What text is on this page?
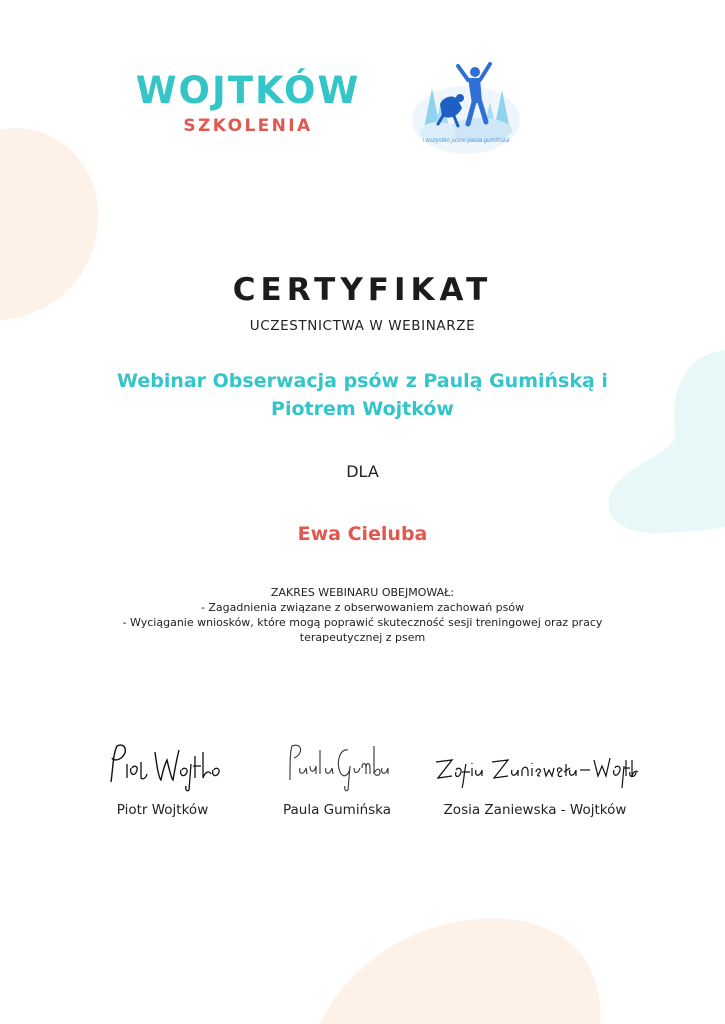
WOJTKÓW
SZKOLENIA
i wszystko jasne paula gumińska
CERTYFIKAT
UCZESTNICTWA W WEBINARZE
Webinar Obserwacja psów z Paulą Gumińską i
Piotrem Wojtków
DLA
Ewa Cieluba
ZAKRES WEBINARU OBEJMOWAŁ:
- Zagadnienia związane z obserwowaniem zachowań psów
- Wyciąganie wniosków, które mogą poprawić skuteczność sesji treningowej oraz pracy
terapeutycznej z psem
Piotr Wojtków	Paula Gumińska	Zosia Zaniewska - Wojtków
